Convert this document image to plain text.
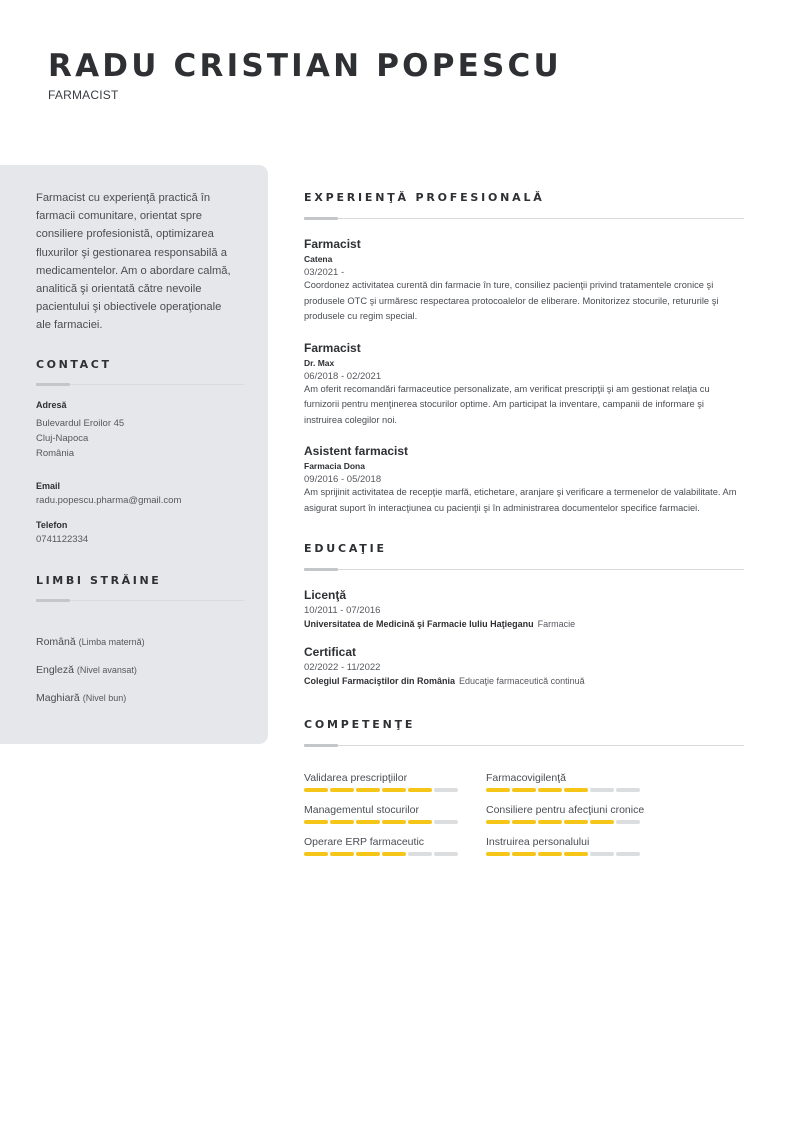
RADU CRISTIAN POPESCU
FARMACIST

Farmacist cu experienţă practică în farmacii comunitare, orientat spre consiliere profesionistă, optimizarea fluxurilor şi gestionarea responsabilă a medicamentelor. Am o abordare calmă, analitică şi orientată către nevoile pacientului şi obiectivele operaţionale ale farmaciei.

CONTACT
Adresă
Bulevardul Eroilor 45
Cluj-Napoca
România
Email
radu.popescu.pharma@gmail.com
Telefon
0741122334
LIMBI STRĂINE
Română (Limba maternă)
Engleză (Nivel avansat)
Maghiară (Nivel bun)
EXPERIENŢĂ PROFESIONALĂ
Farmacist
Catena
03/2021 -
Coordonez activitatea curentă din farmacie în ture, consiliez pacienţii privind tratamentele cronice şi produsele OTC şi urmăresc respectarea protocoalelor de eliberare. Monitorizez stocurile, retururile şi produsele cu regim special.
Farmacist
Dr. Max
06/2018 - 02/2021
Am oferit recomandări farmaceutice personalizate, am verificat prescripţii şi am gestionat relaţia cu furnizorii pentru menţinerea stocurilor optime. Am participat la inventare, campanii de informare şi instruirea colegilor noi.
Asistent farmacist
Farmacia Dona
09/2016 - 05/2018
Am sprijinit activitatea de recepţie marfă, etichetare, aranjare şi verificare a termenelor de valabilitate. Am asigurat suport în interacţiunea cu pacienţii şi în administrarea documentelor specifice farmaciei.
EDUCAŢIE
Licenţă
10/2011 - 07/2016
Universitatea de Medicină şi Farmacie Iuliu Haţieganu Farmacie
Certificat
02/2022 - 11/2022
Colegiul Farmaciştilor din România Educaţie farmaceutică continuă
COMPETENŢE
Validarea prescripţiilor	Farmacovigilenţă
Managementul stocurilor	Consiliere pentru afecţiuni cronice
Operare ERP farmaceutic	Instruirea personalului
